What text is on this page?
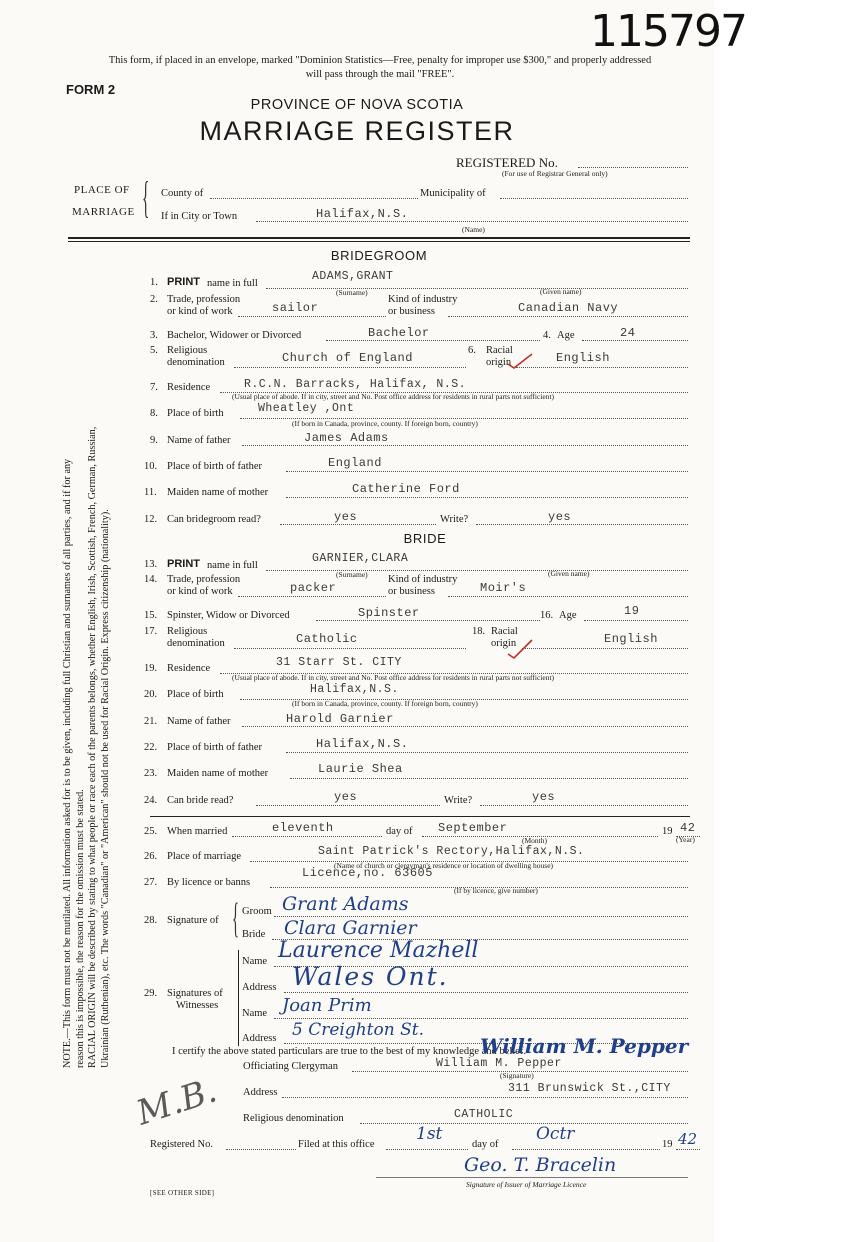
115797
This form, if placed in an envelope, marked "Dominion Statistics—Free, penalty for improper use $300," and properly addressed will pass through the mail "FREE".
FORM 2
PROVINCE OF NOVA SCOTIA
MARRIAGE REGISTER
REGISTERED No.
(For use of Registrar General only)
PLACE OF
MARRIAGE { County of	Municipality of
If in City or Town	Halifax,N.S.
(Name)
NOTE.—This form must not be mutilated. All information asked for is to be given, including full Christian and surnames of all parties, and if for any reason this is impossible, the reason for the omission must be stated. RACIAL ORIGIN will be described by stating to what people or race each of the parents belongs, whether English, Irish, Scottish, French, German, Russian, Ukrainian (Ruthenian), etc. The words "Canadian" or "American" should not be used for Racial Origin. Express citizenship (nationality).
BRIDEGROOM
1. PRINT name in full
ADAMS,GRANT
(Surname)	(Given name)
2. Trade, profession
or kind of work	sailor
Kind of industry
or business	Canadian Navy
3. Bachelor, Widower or Divorced	Bachelor	4. Age	24
5. Religious
denomination	Church of England
6. Racial
origin	English
7. Residence	R.C.N. Barracks, Halifax, N.S.
(Usual place of abode. If in city, street and No. Post office address for residents in rural parts not sufficient)
8. Place of birth	Wheatley ,Ont
(If born in Canada, province, county. If foreign born, country)
9. Name of father	James Adams
10. Place of birth of father	England
11. Maiden name of mother	Catherine Ford
12. Can bridegroom read?	yes	Write?	yes
BRIDE
13. PRINT name in full
GARNIER,CLARA
(Surname)	(Given name)
14. Trade, profession
or kind of work	packer
Kind of industry
or business	Moir's
15. Spinster, Widow or Divorced	Spinster	16. Age	19
17. Religious
denomination	Catholic
18. Racial
origin	English
19. Residence	31 Starr St. CITY
(Usual place of abode. If in city, street and No. Post office address for residents in rural parts not sufficient)
20. Place of birth	Halifax,N.S.
(If born in Canada, province, county. If foreign born, country)
21. Name of father	Harold Garnier
22. Place of birth of father	Halifax,N.S.
23. Maiden name of mother	Laurie Shea
24. Can bride read?	yes	Write?	yes
25. When married	eleventh	day of September
(Month)
19 42
(Year)
26. Place of marriage	Saint Patrick's Rectory,Halifax,N.S.
(Name of church or clergyman's residence or location of dwelling house)
27. By licence or banns
Licence,no. 63605
(If by licence, give number)
28. Signature of { Groom Grant Adams
Bride Clara Garnier
29. Signatures of
Witnesses
Name Laurence Mazhell
Address Wales Ont.
Name Joan Prim
Address 5 Creighton St.
I certify the above stated particulars are true to the best of my knowledge and belief.
William M. Pepper
Officiating Clergyman	William M. Pepper
(Signature)
Address	311 Brunswick St.,CITY
Religious denomination	CATHOLIC
M.B.
Registered No.	Filed at this office
1st
day of
Octr
19 42
Geo. T. Bracelin
Signature of Issuer of Marriage Licence
[SEE OTHER SIDE]
